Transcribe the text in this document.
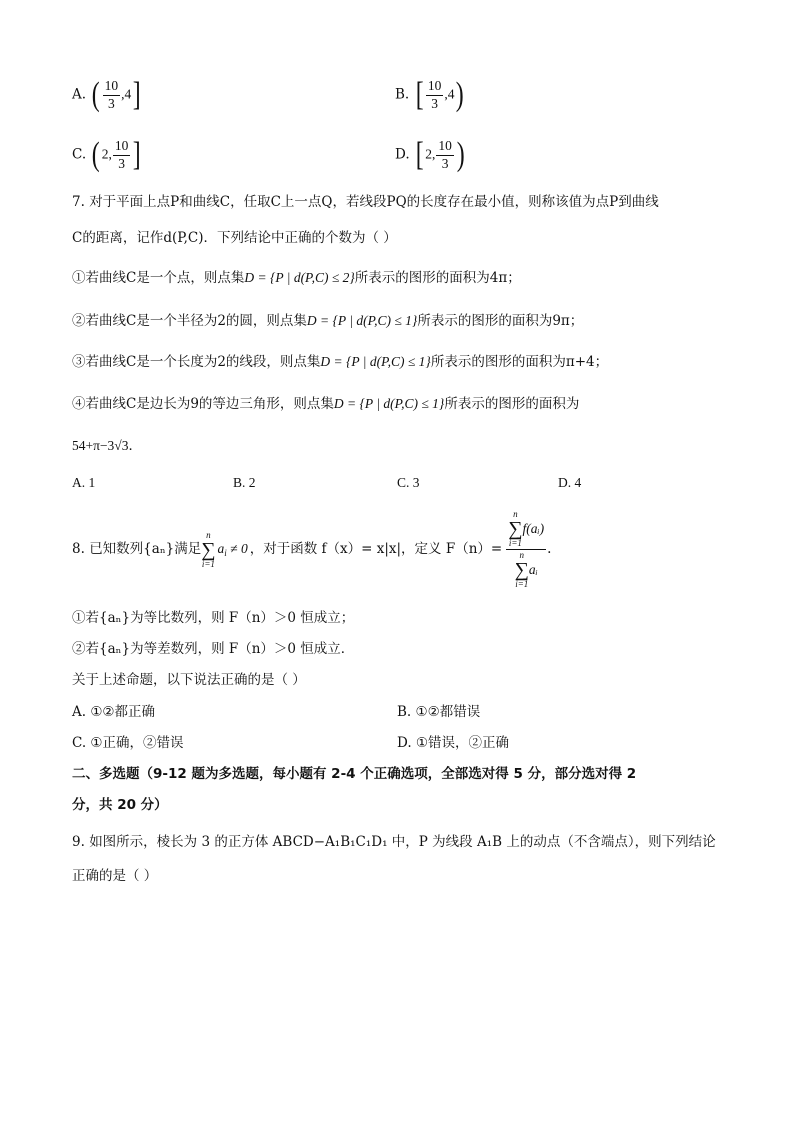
A. ( $\frac{10}{3} ,4$]	B. [ $\frac{10}{3} ,4$)
C. ( 2, $\frac{10}{3}$ ]	D. [ 2, $\frac{10}{3}$ )
7. 对于平面上点P和曲线C，任取C上一点Q，若线段PQ的长度存在最小值，则称该值为点P到曲线
C的距离，记作d(P,C)．下列结论中正确的个数为（ ）
①若曲线C是一个点，则点集D = {P | d(P,C) ≤ 2}所表示的图形的面积为4π；
②若曲线C是一个半径为2的圆，则点集D = {P | d(P,C) ≤ 1}所表示的图形的面积为9π；
③若曲线C是一个长度为2的线段，则点集D = {P | d(P,C) ≤ 1}所表示的图形的面积为π+4；
④若曲线C是边长为9的等边三角形，则点集D = {P | d(P,C) ≤ 1}所表示的图形的面积为
54+π−3√3．
A. 1	B. 2	C. 3	D. 4
8.
已知数列{aₙ}满足
n
∑
i=1
$a_i \ne 0$ ，对于函数 f（x）= x|x|，定义 F（n）= n
∑
i=1
f(aᵢ)
n
∑
i=1
aᵢ .
①若{aₙ}为等比数列，则 F（n）＞0 恒成立；
②若{aₙ}为等差数列，则 F（n）＞0 恒成立．
关于上述命题，以下说法正确的是（ ）
A. ①②都正确	B. ①②都错误
C. ①正确，②错误	D. ①错误，②正确
二、多选题（9-12 题为多选题，每小题有 2-4 个正确选项，全部选对得 5 分，部分选对得 2
分，共 20 分）
9. 如图所示，棱长为 3 的正方体 ABCD−A₁B₁C₁D₁ 中，P 为线段 A₁B 上的动点（不含端点），则下列结论
正确的是（ ）
